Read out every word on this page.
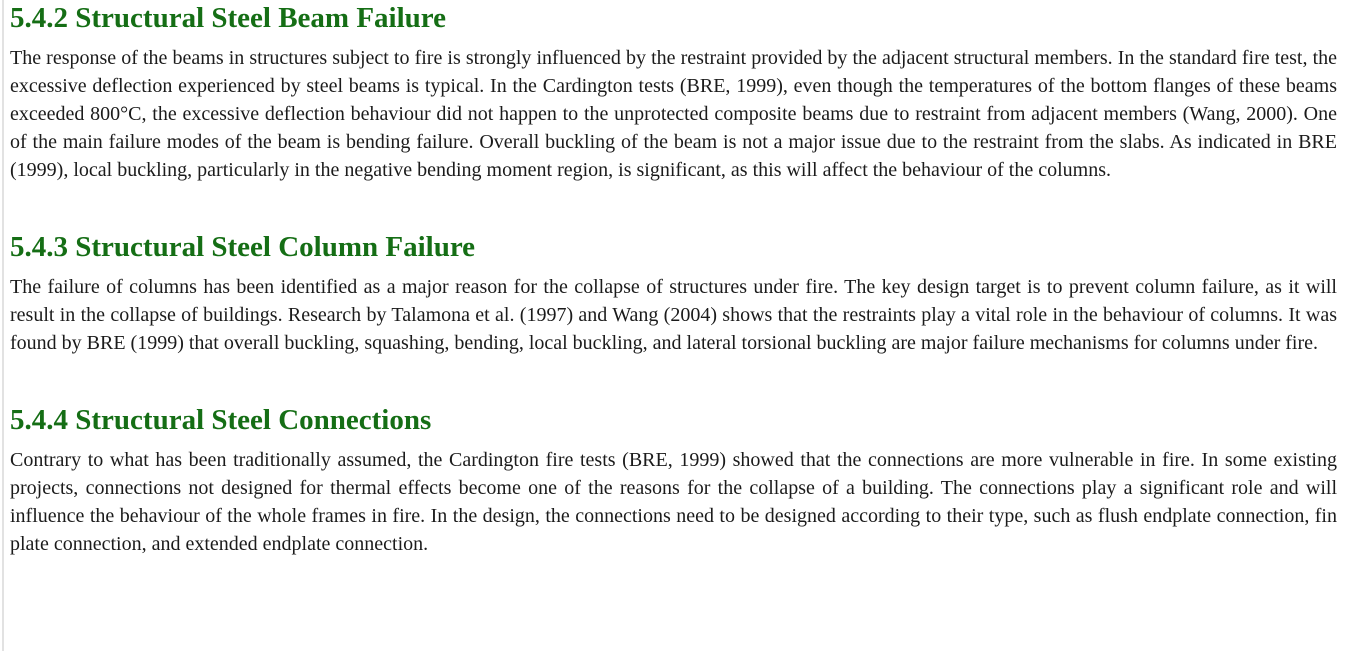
5.4.2 Structural Steel Beam Failure

The response of the beams in structures subject to fire is strongly influenced by the restraint provided by the adjacent structural members. In the standard fire test, the excessive deflection experienced by steel beams is typical. In the Cardington tests (BRE, 1999), even though the temperatures of the bottom flanges of these beams exceeded 800°C, the excessive deflection behaviour did not happen to the unprotected composite beams due to restraint from adjacent members (Wang, 2000). One of the main failure modes of the beam is bending failure. Overall buckling of the beam is not a major issue due to the restraint from the slabs. As indicated in BRE (1999), local buckling, particularly in the negative bending moment region, is significant, as this will affect the behaviour of the columns.

5.4.3 Structural Steel Column Failure

The failure of columns has been identified as a major reason for the collapse of structures under fire. The key design target is to prevent column failure, as it will result in the collapse of buildings. Research by Talamona et al. (1997) and Wang (2004) shows that the restraints play a vital role in the behaviour of columns. It was found by BRE (1999) that overall buckling, squashing, bending, local buckling, and lateral torsional buckling are major failure mechanisms for columns under fire.

5.4.4 Structural Steel Connections

Contrary to what has been traditionally assumed, the Cardington fire tests (BRE, 1999) showed that the connections are more vulnerable in fire. In some existing projects, connections not designed for thermal effects become one of the reasons for the collapse of a building. The connections play a significant role and will influence the behaviour of the whole frames in fire. In the design, the connections need to be designed according to their type, such as flush endplate connection, fin plate connection, and extended endplate connection.
